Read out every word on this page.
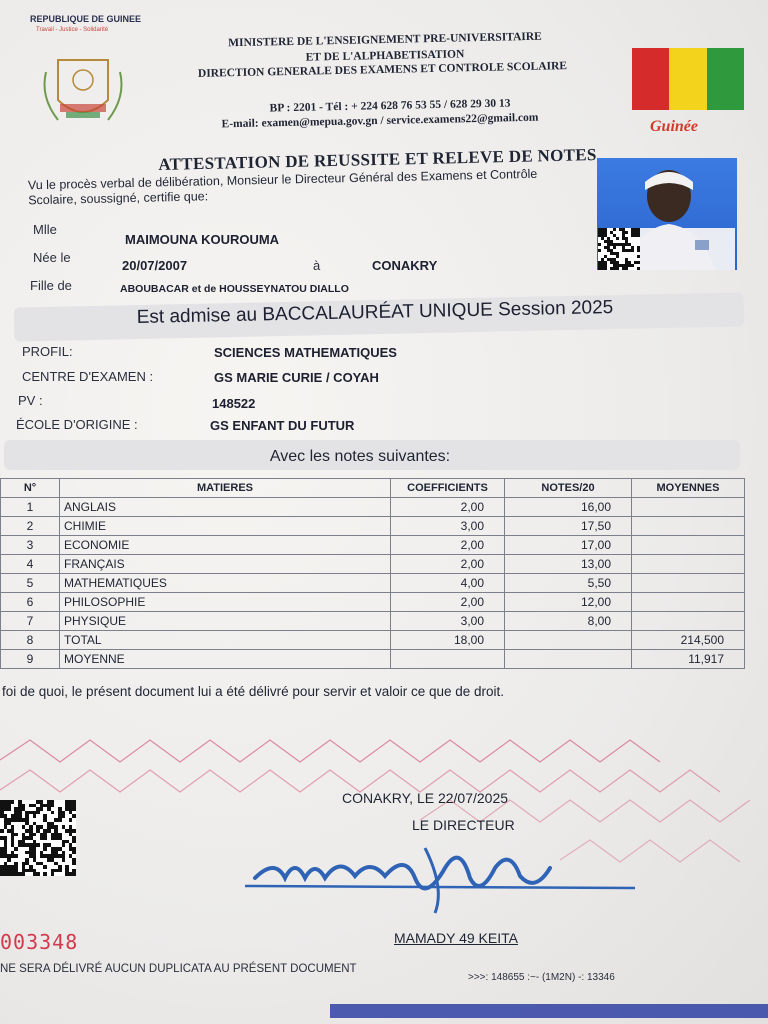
REPUBLIQUE DE GUINEE
Travail - Justice - Solidarité
MINISTERE DE L'ENSEIGNEMENT PRE-UNIVERSITAIRE
ET DE L'ALPHABETISATION
DIRECTION GENERALE DES EXAMENS ET CONTROLE SCOLAIRE
BP : 2201 - Tél : + 224 628 76 53 55 / 628 29 30 13
E-mail: examen@mepua.gov.gn / service.examens22@gmail.com	Guinée
ATTESTATION DE REUSSITE ET RELEVE DE NOTES
Vu le procès verbal de délibération, Monsieur le Directeur Général des Examens et Contrôle Scolaire, soussigné, certifie que:
Mlle
MAIMOUNA KOUROUMA
Née le
20/07/2007	à	CONAKRY
Fille de	ABOUBACAR et de HOUSSEYNATOU DIALLO
Est admise au BACCALAURÉAT UNIQUE Session 2025
PROFIL:	SCIENCES MATHEMATIQUES
CENTRE D'EXAMEN :	GS MARIE CURIE / COYAH
PV :	148522
ÉCOLE D'ORIGINE :	GS ENFANT DU FUTUR
Avec les notes suivantes:
N°	MATIERES	COEFFICIENTS	NOTES/20	MOYENNES
1	ANGLAIS	2,00	16,00	
2	CHIMIE	3,00	17,50	
3	ECONOMIE	2,00	17,00	
4	FRANÇAIS	2,00	13,00	
5	MATHEMATIQUES	4,00	5,50	
6	PHILOSOPHIE	2,00	12,00	
7	PHYSIQUE	3,00	8,00	
8	TOTAL	18,00		214,500
9	MOYENNE			11,917
foi de quoi, le présent document lui a été délivré pour servir et valoir ce que de droit.
CONAKRY, LE 22/07/2025
LE DIRECTEUR
MAMADY 49 KEITA
003348
NE SERA DÉLIVRÉ AUCUN DUPLICATA AU PRÉSENT DOCUMENT
>>>: 148655 :~- (1M2N) -: 13346
